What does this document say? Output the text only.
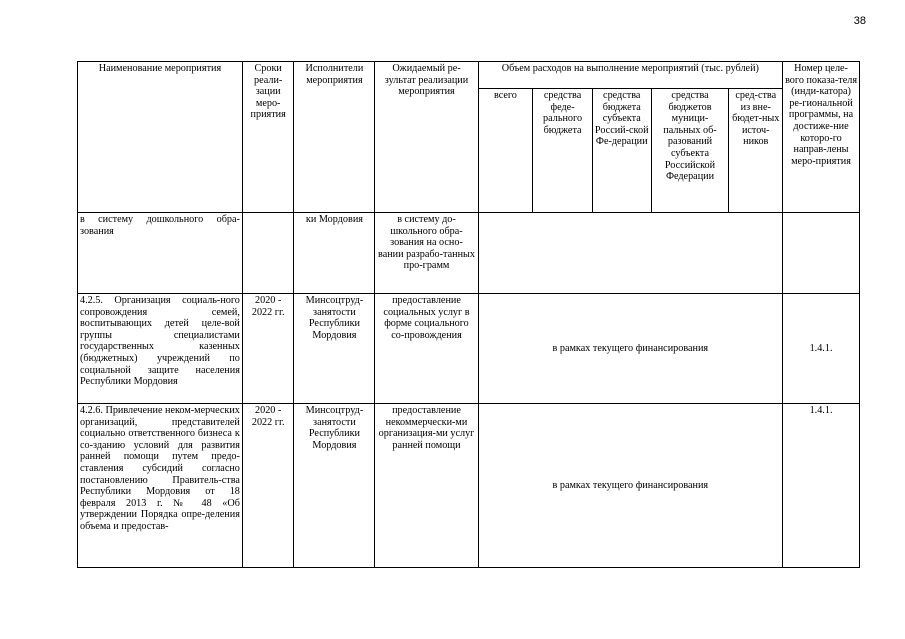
38
Наименование мероприятия	Сроки реали-зации меро-приятия	Исполнители мероприятия	Ожидаемый ре-зультат реализации мероприятия	Объем расходов на выполнение мероприятий (тыс. рублей)					Номер целе-вого показа-теля (инди-катора) ре-гиональной программы, на достиже-ние которо-го направ-лены меро-приятия
				всего	средства феде-рального бюджета	средства бюджета субъекта Россий-ской Фе-дерации	средства бюджетов муници-пальных об-разований субъекта Российской Федерации	сред-ства из вне-бюдет-ных источ-ников	
в систему дошкольного обра-зования		ки Мордовия	в систему до-школьного обра-зования на осно-вании разрабо-танных про-грамм						
4.2.5. Организация социаль-ного сопровождения семей, воспитывающих детей целе-вой группы специалистами государственных казенных (бюджетных) учреждений по социальной защите населения Республики Мордовия	2020 - 2022 гг.	Минсоцтруд-занятости Республики Мордовия	предоставление социальных услуг в форме социального со-провождения	в рамках текущего финансирования					1.4.1.
4.2.6. Привлечение неком-мерческих организаций, представителей социально ответственного бизнеса к со-зданию условий для развития ранней помощи путем предо-ставления субсидий согласно постановлению Правитель-ства Республики Мордовия от 18 февраля 2013 г. № 48 «Об утверждении Порядка опре-деления объема и предостав-	2020 - 2022 гг.	Минсоцтруд-занятости Республики Мордовия	предоставление некоммерчески-ми организация-ми услуг ранней помощи	в рамках текущего финансирования					1.4.1.
